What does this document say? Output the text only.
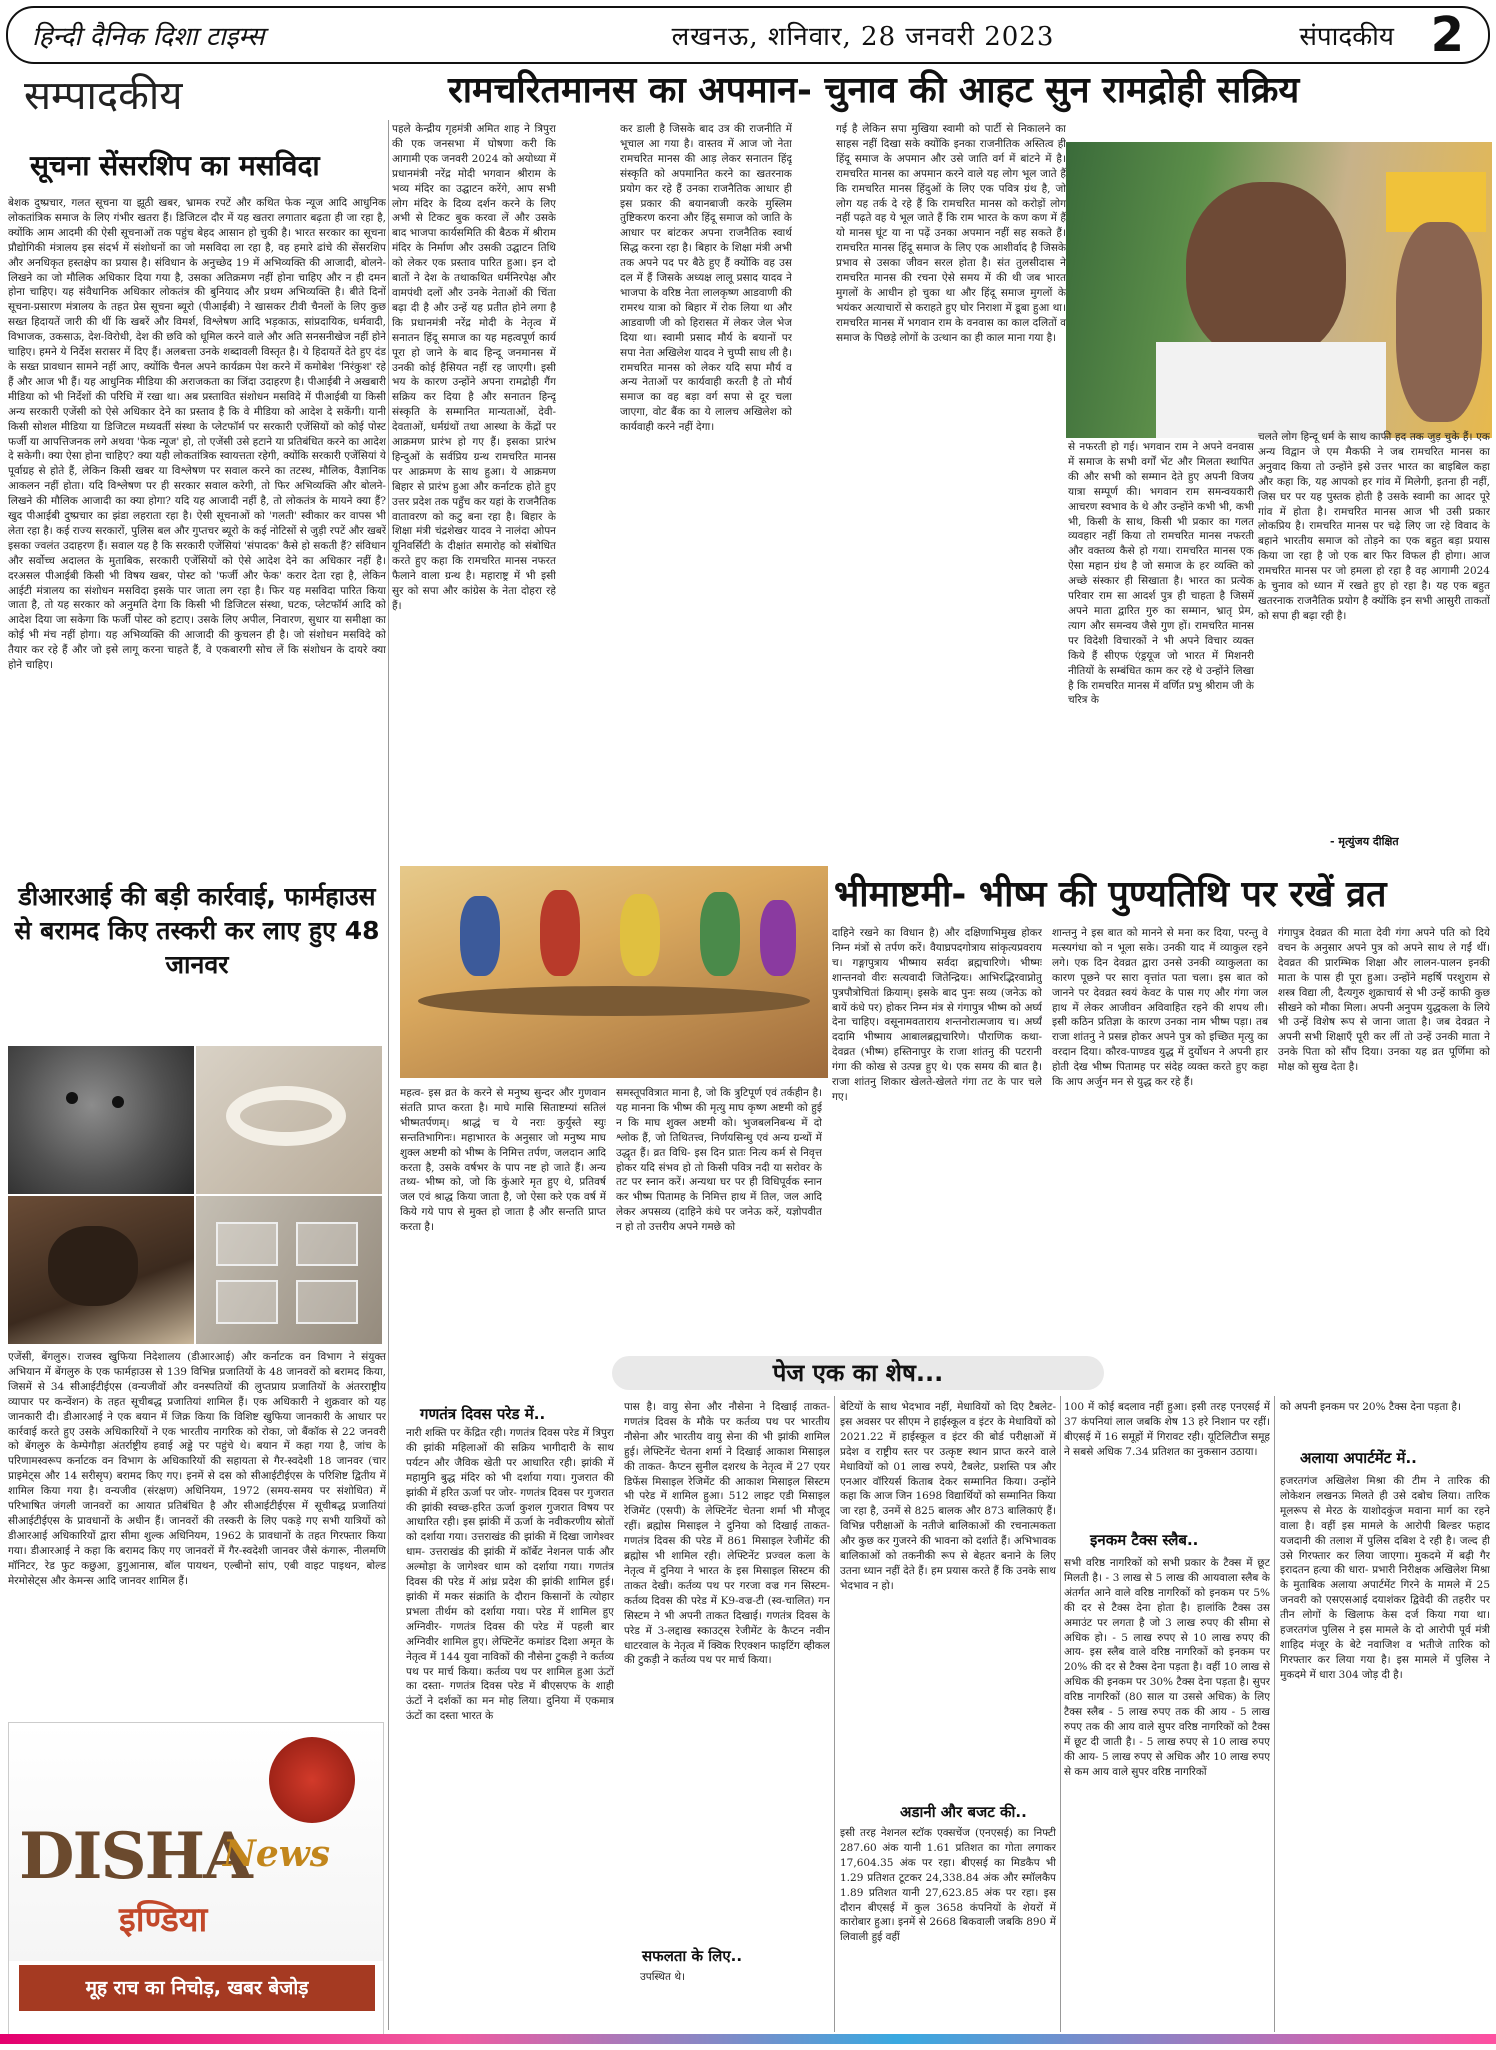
हिन्दी दैनिक दिशा टाइम्स	लखनऊ, शनिवार, 28 जनवरी 2023	संपादकीय 2
सम्पादकीय
सूचना सेंसरशिप का मसविदा
बेशक दुष्प्रचार, गलत सूचना या झूठी खबर, भ्रामक रपटें और कथित फेक न्यूज आदि आधुनिक लोकतांत्रिक समाज के लिए गंभीर खतरा हैं। डिजिटल दौर में यह खतरा लगातार बढ़ता ही जा रहा है, क्योंकि आम आदमी की ऐसी सूचनाओं तक पहुंच बेहद आसान हो चुकी है। भारत सरकार का सूचना प्रौद्योगिकी मंत्रालय इस संदर्भ में संशोधनों का जो मसविदा ला रहा है, वह हमारे ढांचे की सेंसरशिप और अनधिकृत हस्तक्षेप का प्रयास है। संविधान के अनुच्छेद 19 में अभिव्यक्ति की आजादी, बोलने-लिखने का जो मौलिक अधिकार दिया गया है, उसका अतिक्रमण नहीं होना चाहिए और न ही दमन होना चाहिए। यह संवैधानिक अधिकार लोकतंत्र की बुनियाद और प्रथम अभिव्यक्ति है। बीते दिनों सूचना-प्रसारण मंत्रालय के तहत प्रेस सूचना ब्यूरो (पीआईबी) ने खासकर टीवी चैनलों के लिए कुछ सख्त हिदायतें जारी की थीं कि खबरें और विमर्श, विश्लेषण आदि भड़काऊ, सांप्रदायिक, धर्मवादी, विभाजक, उकसाऊ, देश-विरोधी, देश की छवि को धूमिल करने वाले और अति सनसनीखेज नहीं होने चाहिए। हमने ये निर्देश सरासर में दिए हैं। अलबत्ता उनके शब्दावली विस्तृत है। ये हिदायतें देते हुए दंड के सख्त प्रावधान सामने नहीं आए, क्योंकि चैनल अपने कार्यक्रम पेश करने में कमोबेश 'निरंकुश' रहे हैं और आज भी हैं। यह आधुनिक मीडिया की अराजकता का जिंदा उदाहरण है। पीआईबी ने अखबारी मीडिया को भी निर्देशों की परिधि में रखा था। अब प्रस्तावित संशोधन मसविदे में पीआईबी या किसी अन्य सरकारी एजेंसी को ऐसे अधिकार देने का प्रस्ताव है कि वे मीडिया को आदेश दे सकेंगी। यानी किसी सोशल मीडिया या डिजिटल मध्यवर्ती संस्था के प्लेटफॉर्म पर सरकारी एजेंसियों को कोई पोस्ट फर्जी या आपत्तिजनक लगे अथवा 'फेक न्यूज' हो, तो एजेंसी उसे हटाने या प्रतिबंधित करने का आदेश दे सकेगी। क्या ऐसा होना चाहिए? क्या यही लोकतांत्रिक स्वायत्तता रहेगी, क्योंकि सरकारी एजेंसियां ये पूर्वाग्रह से होते हैं, लेकिन किसी खबर या विश्लेषण पर सवाल करने का तटस्थ, मौलिक, वैज्ञानिक आकलन नहीं होता। यदि विश्लेषण पर ही सरकार सवाल करेगी, तो फिर अभिव्यक्ति और बोलने-लिखने की मौलिक आजादी का क्या होगा? यदि यह आजादी नहीं है, तो लोकतंत्र के मायने क्या हैं? खुद पीआईबी दुष्प्रचार का झंडा लहराता रहा है। ऐसी सूचनाओं को 'गलती' स्वीकार कर वापस भी लेता रहा है। कई राज्य सरकारों, पुलिस बल और गुप्तचर ब्यूरो के कई नोटिसों से जुड़ी रपटें और खबरें इसका ज्वलंत उदाहरण हैं। सवाल यह है कि सरकारी एजेंसियां 'संपादक' कैसे हो सकती हैं? संविधान और सर्वोच्च अदालत के मुताबिक, सरकारी एजेंसियों को ऐसे आदेश देने का अधिकार नहीं है। दरअसल पीआईबी किसी भी विषय खबर, पोस्ट को 'फर्जी और फेक' करार देता रहा है, लेकिन आईटी मंत्रालय का संशोधन मसविदा इसके पार जाता लग रहा है। फिर यह मसविदा पारित किया जाता है, तो यह सरकार को अनुमति देगा कि किसी भी डिजिटल संस्था, घटक, प्लेटफॉर्म आदि को आदेश दिया जा सकेगा कि फर्जी पोस्ट को हटाए। उसके लिए अपील, निवारण, सुधार या समीक्षा का कोई भी मंच नहीं होगा। यह अभिव्यक्ति की आजादी की कुचलन ही है। जो संशोधन मसविदे को तैयार कर रहे हैं और जो इसे लागू करना चाहते हैं, वे एकबारगी सोच लें कि संशोधन के दायरे क्या होने चाहिए।
डीआरआई की बड़ी कार्रवाई, फार्महाउस से बरामद किए तस्करी कर लाए हुए 48 जानवर
एजेंसी, बेंगलुरु। राजस्व खुफिया निदेशालय (डीआरआई) और कर्नाटक वन विभाग ने संयुक्त अभियान में बेंगलुरु के एक फार्महाउस से 139 विभिन्न प्रजातियों के 48 जानवरों को बरामद किया, जिसमें से 34 सीआईटीईएस (वन्यजीवों और वनस्पतियों की लुप्तप्राय प्रजातियों के अंतरराष्ट्रीय व्यापार पर कन्वेंशन) के तहत सूचीबद्ध प्रजातियां शामिल हैं। एक अधिकारी ने शुक्रवार को यह जानकारी दी। डीआरआई ने एक बयान में जिक्र किया कि विशिष्ट खुफिया जानकारी के आधार पर कार्रवाई करते हुए उसके अधिकारियों ने एक भारतीय नागरिक को रोका, जो बैंकॉक से 22 जनवरी को बेंगलुरु के केम्पेगौड़ा अंतर्राष्ट्रीय हवाई अड्डे पर पहुंचे थे। बयान में कहा गया है, जांच के परिणामस्वरूप कर्नाटक वन विभाग के अधिकारियों की सहायता से गैर-स्वदेशी 18 जानवर (चार प्राइमेट्स और 14 सरीसृप) बरामद किए गए। इनमें से दस को सीआईटीईएस के परिशिष्ट द्वितीय में शामिल किया गया है। वन्यजीव (संरक्षण) अधिनियम, 1972 (समय-समय पर संशोधित) में परिभाषित जंगली जानवरों का आयात प्रतिबंधित है और सीआईटीईएस में सूचीबद्ध प्रजातियां सीआईटीईएस के प्रावधानों के अधीन हैं। जानवरों की तस्करी के लिए पकड़े गए सभी यात्रियों को डीआरआई अधिकारियों द्वारा सीमा शुल्क अधिनियम, 1962 के प्रावधानों के तहत गिरफ्तार किया गया। डीआरआई ने कहा कि बरामद किए गए जानवरों में गैर-स्वदेशी जानवर जैसे कंगारू, नीलमणि मॉनिटर, रेड फुट कछुआ, डुगुआनास, बॉल पायथन, एल्बीनो सांप, एबी वाइट पाइथन, बोल्ड मेरमोसेट्स और केमन्स आदि जानवर शामिल हैं।
DISHA
News
इण्डिया
मूह राच का निचोड़, खबर बेजोड़
रामचरितमानस का अपमान- चुनाव की आहट सुन रामद्रोही सक्रिय
पहले केन्द्रीय गृहमंत्री अमित शाह ने त्रिपुरा की एक जनसभा में घोषणा करी कि आगामी एक जनवरी 2024 को अयोध्या में प्रधानमंत्री नरेंद्र मोदी भगवान श्रीराम के भव्य मंदिर का उद्घाटन करेंगे, आप सभी लोग मंदिर के दिव्य दर्शन करने के लिए अभी से टिकट बुक करवा लें और उसके बाद भाजपा कार्यसमिति की बैठक में श्रीराम मंदिर के निर्माण और उसकी उद्घाटन तिथि को लेकर एक प्रस्ताव पारित हुआ। इन दो बातों ने देश के तथाकथित धर्मनिरपेक्ष और वामपंथी दलों और उनके नेताओं की चिंता बढ़ा दी है और उन्हें यह प्रतीत होने लगा है कि प्रधानमंत्री नरेंद्र मोदी के नेतृत्व में सनातन हिंदू समाज का यह महत्वपूर्ण कार्य पूरा हो जाने के बाद हिन्दू जनमानस में उनकी कोई हैसियत नहीं रह जाएगी। इसी भय के कारण उन्होंने अपना रामद्रोही गैंग सक्रिय कर दिया है और सनातन हिन्दू संस्कृति के सम्मानित मान्यताओं, देवी- देवताओं, धर्मग्रंथों तथा आस्था के केंद्रों पर आक्रमण प्रारंभ हो गए हैं। इसका प्रारंभ हिन्दुओं के सर्वप्रिय ग्रन्थ रामचरित मानस पर आक्रमण के साथ हुआ। ये आक्रमण बिहार से प्रारंभ हुआ और कर्नाटक होते हुए उत्तर प्रदेश तक पहुँच कर यहां के राजनैतिक वातावरण को कटु बना रहा है। बिहार के शिक्षा मंत्री चंद्रशेखर यादव ने नालंदा ओपन यूनिवर्सिटी के दीक्षांत समारोह को संबोधित करते हुए कहा कि रामचरित मानस नफरत फैलाने वाला ग्रन्थ है। महाराष्ट्र में भी इसी सुर को सपा और कांग्रेस के नेता दोहरा रहे हैं।
कर डाली है जिसके बाद उत्र की राजनीति में भूचाल आ गया है। वास्तव में आज जो नेता रामचरित मानस की आड़ लेकर सनातन हिंदू संस्कृति को अपमानित करने का खतरनाक प्रयोग कर रहे हैं उनका राजनैतिक आधार ही इस प्रकार की बयानबाजी करके मुस्लिम तुष्टिकरण करना और हिंदू समाज को जाति के आधार पर बांटकर अपना राजनैतिक स्वार्थ सिद्ध करना रहा है। बिहार के शिक्षा मंत्री अभी तक अपने पद पर बैठे हुए हैं क्योंकि वह उस दल में हैं जिसके अध्यक्ष लालू प्रसाद यादव ने भाजपा के वरिष्ठ नेता लालकृष्ण आडवाणी की रामरथ यात्रा को बिहार में रोक लिया था और आडवाणी जी को हिरासत में लेकर जेल भेज दिया था। स्वामी प्रसाद मौर्य के बयानों पर सपा नेता अखिलेश यादव ने चुप्पी साध ली है। रामचरित मानस को लेकर यदि सपा मौर्य व अन्य नेताओं पर कार्यवाही करती है तो मौर्य समाज का वह बड़ा वर्ग सपा से दूर चला जाएगा, वोट बैंक का ये लालच अखिलेश को कार्यवाही करने नहीं देगा।
गई है लेकिन सपा मुखिया स्वामी को पार्टी से निकालने का साहस नहीं दिखा सके क्योंकि इनका राजनीतिक अस्तित्व ही हिंदू समाज के अपमान और उसे जाति वर्ग में बांटने में है। रामचरित मानस का अपमान करने वाले यह लोग भूल जाते हैं कि रामचरित मानस हिंदुओं के लिए एक पवित्र ग्रंथ है, जो लोग यह तर्क दे रहे हैं कि रामचरित मानस को करोड़ों लोग नहीं पढ़ते वह ये भूल जाते हैं कि राम भारत के कण कण में हैं यो मानस घूंट या ना पढ़ें उनका अपमान नहीं सह सकते हैं। रामचरित मानस हिंदू समाज के लिए एक आशीर्वाद है जिसके प्रभाव से उसका जीवन सरल होता है। संत तुलसीदास ने रामचरित मानस की रचना ऐसे समय में की थी जब भारत मुगलों के आधीन हो चुका था और हिंदू समाज मुगलों के भयंकर अत्याचारों से कराहते हुए घोर निराशा में डूबा हुआ था। रामचरित मानस में भगवान राम के वनवास का काल दलितों व समाज के पिछड़े लोगों के उत्थान का ही काल माना गया है।
से नफरती हो गई। भगवान राम ने अपने वनवास में समाज के सभी वर्गों भेंट और मिलता स्थापित की और सभी को सम्मान देते हुए अपनी विजय यात्रा सम्पूर्ण की। भगवान राम समन्वयकारी आचरण स्वभाव के थे और उन्होंने कभी भी, कभी भी, किसी के साथ, किसी भी प्रकार का गलत व्यवहार नहीं किया तो रामचरित मानस नफरती और वक्तव्य कैसे हो गया। रामचरित मानस एक ऐसा महान ग्रंथ है जो समाज के हर व्यक्ति को अच्छे संस्कार ही सिखाता है। भारत का प्रत्येक परिवार राम सा आदर्श पुत्र ही चाहता है जिसमें अपने माता द्वारित गुरु का सम्मान, भ्रातृ प्रेम, त्याग और समन्वय जैसे गुण हों। रामचरित मानस पर विदेशी विचारकों ने भी अपने विचार व्यक्त किये हैं सीएफ एंड्रयूज जो भारत में मिशनरी नीतियों के सम्बंधित काम कर रहे थे उन्होंने लिखा है कि रामचरित मानस में वर्णित प्रभु श्रीराम जी के चरित्र के
चलते लोग हिन्दू धर्म के साथ काफी हद तक जुड़ चुके हैं। एक अन्य विद्वान जे एम मैकफी ने जब रामचरित मानस का अनुवाद किया तो उन्होंने इसे उत्तर भारत का बाइबिल कहा और कहा कि, यह आपको हर गांव में मिलेगी, इतना ही नहीं, जिस घर पर यह पुस्तक होती है उसके स्वामी का आदर पूरे गांव में होता है। रामचरित मानस आज भी उसी प्रकार लोकप्रिय है। रामचरित मानस पर चढ़े लिए जा रहे विवाद के बहाने भारतीय समाज को तोड़ने का एक बहुत बड़ा प्रयास किया जा रहा है जो एक बार फिर विफल ही होगा। आज रामचरित मानस पर जो हमला हो रहा है वह आगामी 2024 के चुनाव को ध्यान में रखते हुए हो रहा है। यह एक बहुत खतरनाक राजनैतिक प्रयोग है क्योंकि इन सभी आसुरी ताकतों को सपा ही बढ़ा रही है।
- मृत्युंजय दीक्षित
भीमाष्टमी- भीष्म की पुण्यतिथि पर रखें व्रत
महत्व- इस व्रत के करने से मनुष्य सुन्दर और गुणवान संतति प्राप्त करता है। माघे मासि सिताष्टम्यां सतिलं भीष्मतर्पणम्। श्राद्धं च ये नराः कुर्युस्ते स्युः सन्ततिभागिनः। महाभारत के अनुसार जो मनुष्य माघ शुक्ल अष्टमी को भीष्म के निमित्त तर्पण, जलदान आदि करता है, उसके वर्षभर के पाप नष्ट हो जाते हैं। अन्य तथ्य- भीष्म को, जो कि कुंआरे मृत हुए थे, प्रतिवर्ष जल एवं श्राद्ध किया जाता है, जो ऐसा करे एक वर्ष में किये गये पाप से मुक्त हो जाता है और सन्तति प्राप्त करता है।
समस्तूपवित्रात माना है, जो कि त्रुटिपूर्ण एवं तर्कहीन है। यह मानना कि भीष्म की मृत्यु माघ कृष्ण अष्टमी को हुई न कि माघ शुक्ल अष्टमी को। भुजबलनिबन्ध में दो श्लोक हैं, जो तिथितत्त्व, निर्णयसिन्धु एवं अन्य ग्रन्थों में उद्धृत हैं। व्रत विधि- इस दिन प्रातः नित्य कर्म से निवृत्त होकर यदि संभव हो तो किसी पवित्र नदी या सरोवर के तट पर स्नान करें। अन्यथा घर पर ही विधिपूर्वक स्नान कर भीष्म पितामह के निमित्त हाथ में तिल, जल आदि लेकर अपसव्य (दाहिने कंधे पर जनेऊ करें, यज्ञोपवीत न हो तो उत्तरीय अपने गमछे को
दाहिने रखने का विधान है) और दक्षिणाभिमुख होकर निम्न मंत्रों से तर्पण करें। वैयाघ्रपदगोत्राय सांकृत्यप्रवराय च। गङ्गापुत्राय भीष्माय सर्वदा ब्रह्मचारिणे। भीष्मः शान्तनवो वीरः सत्यवादी जितेन्द्रियः। आभिरद्भिरवाप्नोतु पुत्रपौत्रोचितां क्रियाम्। इसके बाद पुनः सव्य (जनेऊ को बायें कंधे पर) होकर निम्न मंत्र से गंगापुत्र भीष्म को अर्घ्य देना चाहिए। वसूनामवताराय शन्तनोरात्मजाय च। अर्घ्यं ददामि भीष्माय आबालब्रह्मचारिणे। पौराणिक कथा- देवव्रत (भीष्म) हस्तिनापुर के राजा शांतनु की पटरानी गंगा की कोख से उत्पन्न हुए थे। एक समय की बात है। राजा शांतनु शिकार खेलते-खेलते गंगा तट के पार चले गए।
शान्तनु ने इस बात को मानने से मना कर दिया, परन्तु वे मत्स्यगंधा को न भूला सके। उनकी याद में व्याकुल रहने लगे। एक दिन देवव्रत द्वारा उनसे उनकी व्याकुलता का कारण पूछने पर सारा वृत्तांत पता चला। इस बात को जानने पर देवव्रत स्वयं केवट के पास गए और गंगा जल हाथ में लेकर आजीवन अविवाहित रहने की शपथ ली। इसी कठिन प्रतिज्ञा के कारण उनका नाम भीष्म पड़ा। तब राजा शांतनु ने प्रसन्न होकर अपने पुत्र को इच्छित मृत्यु का वरदान दिया। कौरव-पाण्डव युद्ध में दुर्योधन ने अपनी हार होती देख भीष्म पितामह पर संदेह व्यक्त करते हुए कहा कि आप अर्जुन मन से युद्ध कर रहे हैं।
गंगापुत्र देवव्रत की माता देवी गंगा अपने पति को दिये वचन के अनुसार अपने पुत्र को अपने साथ ले गईं थीं। देवव्रत की प्रारम्भिक शिक्षा और लालन-पालन इनकी माता के पास ही पूरा हुआ। उन्होंने महर्षि परशुराम से शस्त्र विद्या ली, दैत्यगुरु शुक्राचार्य से भी उन्हें काफी कुछ सीखने को मौका मिला। अपनी अनुपम युद्धकला के लिये भी उन्हें विशेष रूप से जाना जाता है। जब देवव्रत ने अपनी सभी शिक्षाएँ पूरी कर लीं तो उन्हें उनकी माता ने उनके पिता को सौंप दिया। उनका यह व्रत पूर्णिमा को मोक्ष को सुख देता है।
पेज एक का शेष...
गणतंत्र दिवस परेड में..
नारी शक्ति पर केंद्रित रही। गणतंत्र दिवस परेड में त्रिपुरा की झांकी महिलाओं की सक्रिय भागीदारी के साथ पर्यटन और जैविक खेती पर आधारित रही। झांकी में महामुनि बुद्ध मंदिर को भी दर्शाया गया। गुजरात की झांकी में हरित ऊर्जा पर जोर- गणतंत्र दिवस पर गुजरात की झांकी स्वच्छ-हरित ऊर्जा कुशल गुजरात विषय पर आधारित रही। इस झांकी में ऊर्जा के नवीकरणीय स्रोतों को दर्शाया गया। उत्तराखंड की झांकी में दिखा जागेश्वर धाम- उत्तराखंड की झांकी में कॉर्बेट नेशनल पार्क और अल्मोड़ा के जागेश्वर धाम को दर्शाया गया। गणतंत्र दिवस की परेड में आंध्र प्रदेश की झांकी शामिल हुई। झांकी में मकर संक्रांति के दौरान किसानों के त्योहार प्रभला तीर्थम को दर्शाया गया। परेड में शामिल हुए अग्निवीर- गणतंत्र दिवस की परेड में पहली बार अग्निवीर शामिल हुए। लेफ्टिनेंट कमांडर दिशा अमृत के नेतृत्व में 144 युवा नाविकों की नौसेना टुकड़ी ने कर्तव्य पथ पर मार्च किया। कर्तव्य पथ पर शामिल हुआ ऊंटों का दस्ता- गणतंत्र दिवस परेड में बीएसएफ के शाही ऊंटों ने दर्शकों का मन मोह लिया। दुनिया में एकमात्र ऊंटों का दस्ता भारत के
पास है। वायु सेना और नौसेना ने दिखाई ताकत- गणतंत्र दिवस के मौके पर कर्तव्य पथ पर भारतीय नौसेना और भारतीय वायु सेना की भी झांकी शामिल हुई। लेफ्टिनेंट चेतना शर्मा ने दिखाई आकाश मिसाइल की ताकत- कैप्टन सुनील दशरथ के नेतृत्व में 27 एयर डिफेंस मिसाइल रेजिमेंट की आकाश मिसाइल सिस्टम भी परेड में शामिल हुआ। 512 लाइट एडी मिसाइल रेजिमेंट (एसपी) के लेफ्टिनेंट चेतना शर्मा भी मौजूद रहीं। ब्रह्मोस मिसाइल ने दुनिया को दिखाई ताकत- गणतंत्र दिवस की परेड में 861 मिसाइल रेजीमेंट की ब्रह्मोस भी शामिल रही। लेफ्टिनेंट प्रज्वल कला के नेतृत्व में दुनिया ने भारत के इस मिसाइल सिस्टम की ताकत देखी। कर्तव्य पथ पर गरजा वज्र गन सिस्टम- कर्तव्य दिवस की परेड में K9-वज्र-टी (स्व-चालित) गन सिस्टम ने भी अपनी ताकत दिखाई। गणतंत्र दिवस के परेड में 3-लद्दाख स्काउट्स रेजीमेंट के कैप्टन नवीन धाटरवाल के नेतृत्व में क्विक रिएक्शन फाइटिंग व्हीकल की टुकड़ी ने कर्तव्य पथ पर मार्च किया।
बेटियों के साथ भेदभाव नहीं, मेधावियों को दिए टैबलेट- इस अवसर पर सीएम ने हाईस्कूल व इंटर के मेधावियों को 2021.22 में हाईस्कूल व इंटर की बोर्ड परीक्षाओं में प्रदेश व राष्ट्रीय स्तर पर उत्कृष्ट स्थान प्राप्त करने वाले मेधावियों को 01 लाख रुपये, टैबलेट, प्रशस्ति पत्र और एनआर वॉरियर्स किताब देकर सम्मानित किया। उन्होंने कहा कि आज जिन 1698 विद्यार्थियों को सम्मानित किया जा रहा है, उनमें से 825 बालक और 873 बालिकाएं हैं। विभिन्न परीक्षाओं के नतीजे बालिकाओं की रचनात्मकता और कुछ कर गुजरने की भावना को दर्शाते हैं। अभिभावक बालिकाओं को तकनीकी रूप से बेहतर बनाने के लिए उतना ध्यान नहीं देते हैं। हम प्रयास करते हैं कि उनके साथ भेदभाव न हो।
अडानी और बजट की..
इसी तरह नेशनल स्टॉक एक्सचेंज (एनएसई) का निफ्टी 287.60 अंक यानी 1.61 प्रतिशत का गोता लगाकर 17,604.35 अंक पर रहा। बीएसई का मिडकैप भी 1.29 प्रतिशत टूटकर 24,338.84 अंक और स्मॉलकैप 1.89 प्रतिशत यानी 27,623.85 अंक पर रहा। इस दौरान बीएसई में कुल 3658 कंपनियों के शेयरों में कारोबार हुआ। इनमें से 2668 बिकवाली जबकि 890 में लिवाली हुई वहीं
सफलता के लिए..
उपस्थित थे।
100 में कोई बदलाव नहीं हुआ। इसी तरह एनएसई में 37 कंपनियां लाल जबकि शेष 13 हरे निशान पर रहीं। बीएसई में 16 समूहों में गिरावट रही। यूटिलिटीज समूह ने सबसे अधिक 7.34 प्रतिशत का नुकसान उठाया।
इनकम टैक्स स्लैब..
सभी वरिष्ठ नागरिकों को सभी प्रकार के टैक्स में छूट मिलती है। - 3 लाख से 5 लाख की आयवाला स्लैब के अंतर्गत आने वाले वरिष्ठ नागरिकों को इनकम पर 5% की दर से टैक्स देना होता है। हालांकि टैक्स उस अमाउंट पर लगता है जो 3 लाख रुपए की सीमा से अधिक हो। - 5 लाख रुपए से 10 लाख रुपए की आय- इस स्लैब वाले वरिष्ठ नागरिकों को इनकम पर 20% की दर से टैक्स देना पड़ता है। वहीं 10 लाख से अधिक की इनकम पर 30% टैक्स देना पड़ता है। सुपर वरिष्ठ नागरिकों (80 साल या उससे अधिक) के लिए टैक्स स्लैब - 5 लाख रुपए तक की आय - 5 लाख रुपए तक की आय वाले सुपर वरिष्ठ नागरिकों को टैक्स में छूट दी जाती है। - 5 लाख रुपए से 10 लाख रुपए की आय- 5 लाख रुपए से अधिक और 10 लाख रुपए से कम आय वाले सुपर वरिष्ठ नागरिकों
को अपनी इनकम पर 20% टैक्स देना पड़ता है।
अलाया अपार्टमेंट में..
हजरतगंज अखिलेश मिश्रा की टीम ने तारिक की लोकेशन लखनऊ मिलते ही उसे दबोच लिया। तारिक मूलरूप से मेरठ के याशोदकुंज मवाना मार्ग का रहने वाला है। वहीं इस मामले के आरोपी बिल्डर फहाद यजदानी की तलाश में पुलिस दबिश दे रही है। जल्द ही उसे गिरफ्तार कर लिया जाएगा। मुकदमे में बढ़ी गैर इरादतन हत्या की धारा- प्रभारी निरीक्षक अखिलेश मिश्रा के मुताबिक अलाया अपार्टमेंट गिरने के मामले में 25 जनवरी को एसएसआई दयाशंकर द्विवेदी की तहरीर पर तीन लोगों के खिलाफ केस दर्ज किया गया था। हजरतगंज पुलिस ने इस मामले के दो आरोपी पूर्व मंत्री शाहिद मंजूर के बेटे नवाजिश व भतीजे तारिक को गिरफ्तार कर लिया गया है। इस मामले में पुलिस ने मुकदमे में धारा 304 जोड़ दी है।
